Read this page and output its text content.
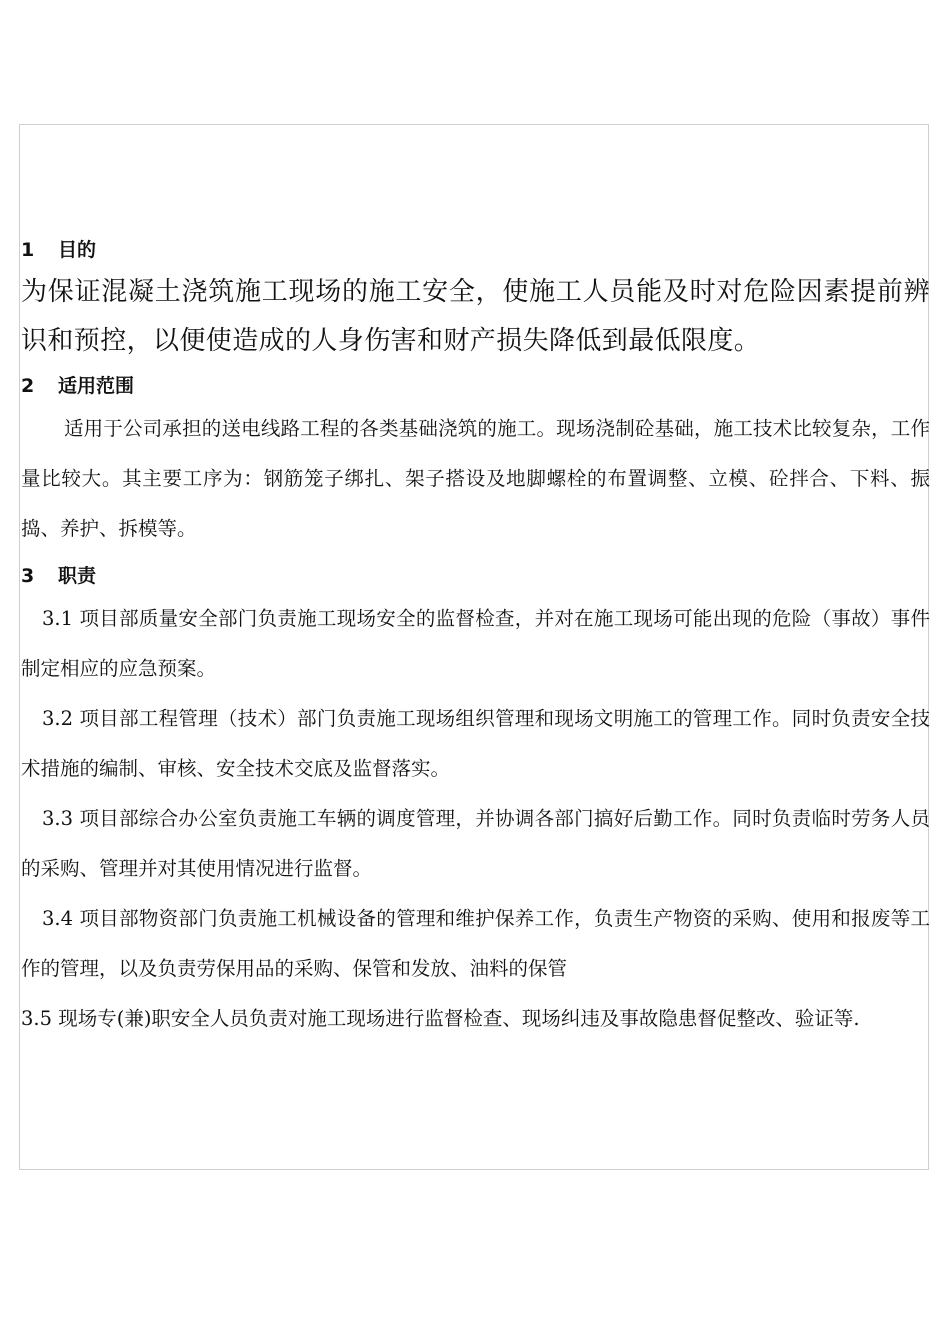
1 目的

为保证混凝土浇筑施工现场的施工安全，使施工人员能及时对危险因素提前辨识和预控，以便使造成的人身伤害和财产损失降低到最低限度。

2 适用范围

适用于公司承担的送电线路工程的各类基础浇筑的施工。现场浇制砼基础，施工技术比较复杂，工作量比较大。其主要工序为：钢筋笼子绑扎、架子搭设及地脚螺栓的布置调整、立模、砼拌合、下料、振捣、养护、拆模等。

3 职责

3.1 项目部质量安全部门负责施工现场安全的监督检查，并对在施工现场可能出现的危险（事故）事件制定相应的应急预案。

3.2 项目部工程管理（技术）部门负责施工现场组织管理和现场文明施工的管理工作。同时负责安全技术措施的编制、审核、安全技术交底及监督落实。

3.3 项目部综合办公室负责施工车辆的调度管理，并协调各部门搞好后勤工作。同时负责临时劳务人员的采购、管理并对其使用情况进行监督。

3.4 项目部物资部门负责施工机械设备的管理和维护保养工作，负责生产物资的采购、使用和报废等工作的管理，以及负责劳保用品的采购、保管和发放、油料的保管

3.5 现场专(兼)职安全人员负责对施工现场进行监督检查、现场纠违及事故隐患督促整改、验证等.
